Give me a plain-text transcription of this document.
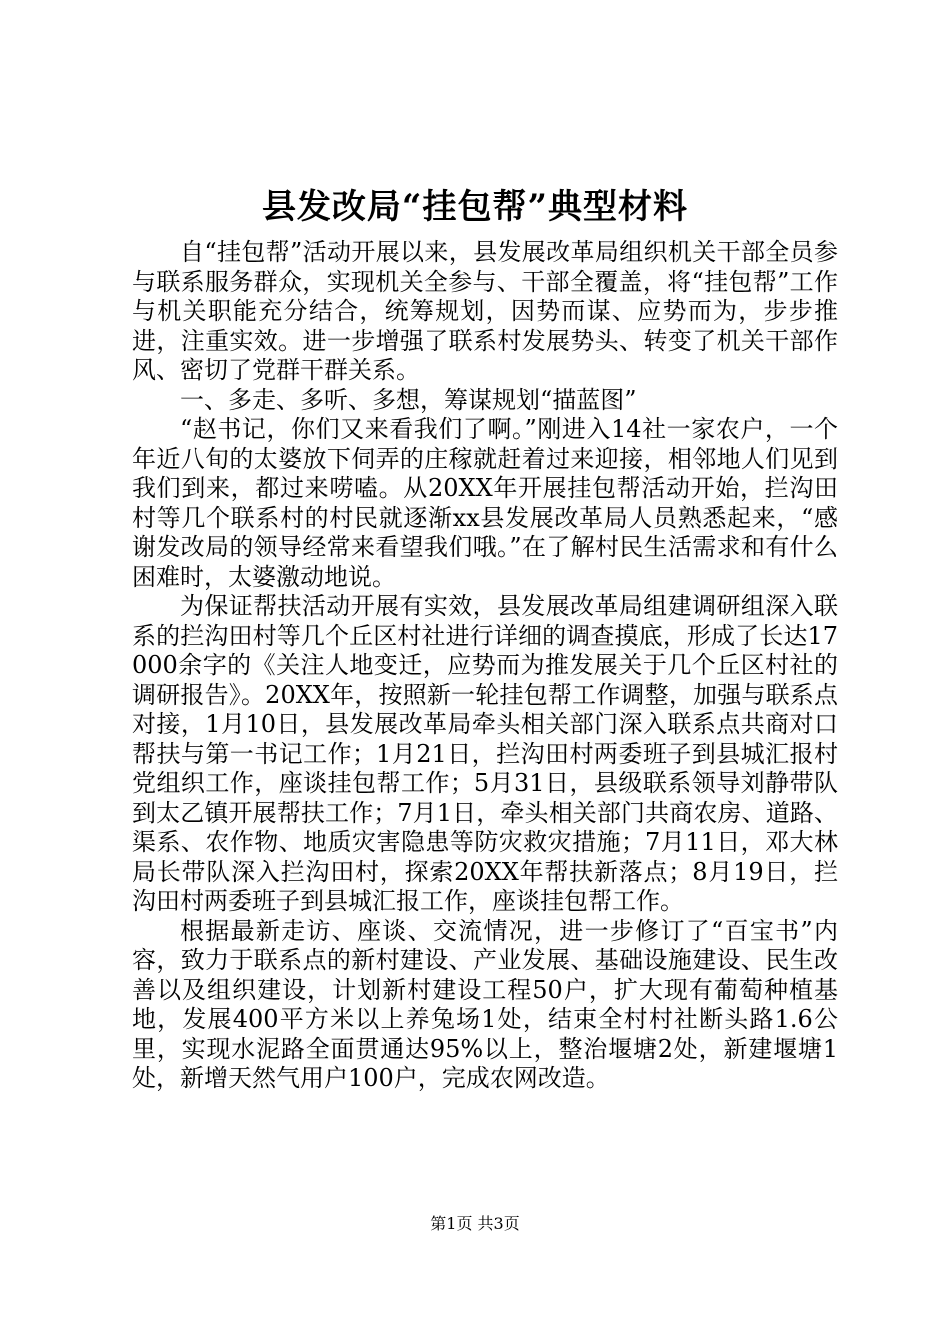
县发改局“挂包帮”典型材料

自“挂包帮”活动开展以来，县发展改革局组织机关干部全员参与联系服务群众，实现机关全参与、干部全覆盖，将“挂包帮”工作与机关职能充分结合，统筹规划，因势而谋、应势而为，步步推进，注重实效。进一步增强了联系村发展势头、转变了机关干部作风、密切了党群干群关系。

一、多走、多听、多想，筹谋规划“描蓝图”

“赵书记，你们又来看我们了啊。”刚进入14社一家农户，一个年近八旬的太婆放下伺弄的庄稼就赶着过来迎接，相邻地人们见到我们到来，都过来唠嗑。从20XX年开展挂包帮活动开始，拦沟田村等几个联系村的村民就逐渐xx县发展改革局人员熟悉起来，“感谢发改局的领导经常来看望我们哦。”在了解村民生活需求和有什么困难时，太婆激动地说。

为保证帮扶活动开展有实效，县发展改革局组建调研组深入联系的拦沟田村等几个丘区村社进行详细的调查摸底，形成了长达17000余字的《关注人地变迁，应势而为推发展关于几个丘区村社的调研报告》。20XX年，按照新一轮挂包帮工作调整，加强与联系点对接，1月10日，县发展改革局牵头相关部门深入联系点共商对口帮扶与第一书记工作；1月21日，拦沟田村两委班子到县城汇报村党组织工作，座谈挂包帮工作；5月31日，县级联系领导刘静带队到太乙镇开展帮扶工作；7月1日，牵头相关部门共商农房、道路、渠系、农作物、地质灾害隐患等防灾救灾措施；7月11日，邓大林局长带队深入拦沟田村，探索20XX年帮扶新落点；8月19日，拦沟田村两委班子到县城汇报工作，座谈挂包帮工作。

根据最新走访、座谈、交流情况，进一步修订了“百宝书”内容，致力于联系点的新村建设、产业发展、基础设施建设、民生改善以及组织建设，计划新村建设工程50户，扩大现有葡萄种植基地，发展400平方米以上养兔场1处，结束全村村社断头路1.6公里，实现水泥路全面贯通达95%以上，整治堰塘2处，新建堰塘1处，新增天然气用户100户，完成农网改造。

第1页 共3页
